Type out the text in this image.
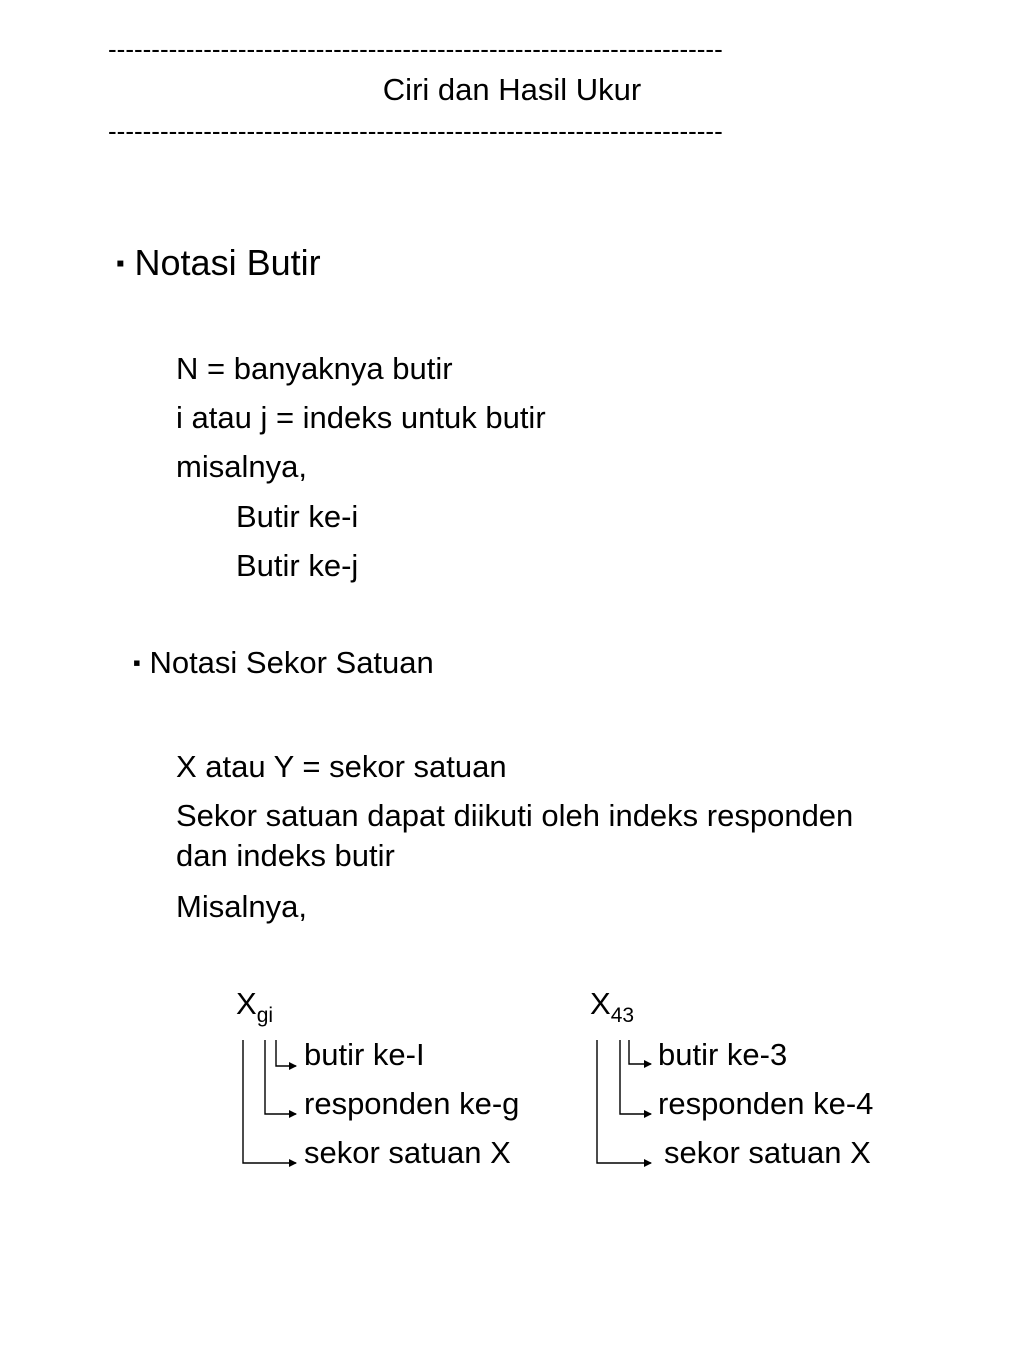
-----------------------------------------------------------------------
Ciri dan Hasil Ukur
-----------------------------------------------------------------------
▪ Notasi Butir
N = banyaknya butir
i atau j = indeks untuk butir
misalnya,
Butir ke-i
Butir ke-j
▪ Notasi Sekor Satuan
X atau Y = sekor satuan
Sekor satuan dapat diikuti oleh indeks responden
dan indeks butir
Misalnya,
$X_{gi}$
butir ke-I
responden ke-g
sekor satuan X
$X_{43}$
butir ke-3
responden ke-4
sekor satuan X
